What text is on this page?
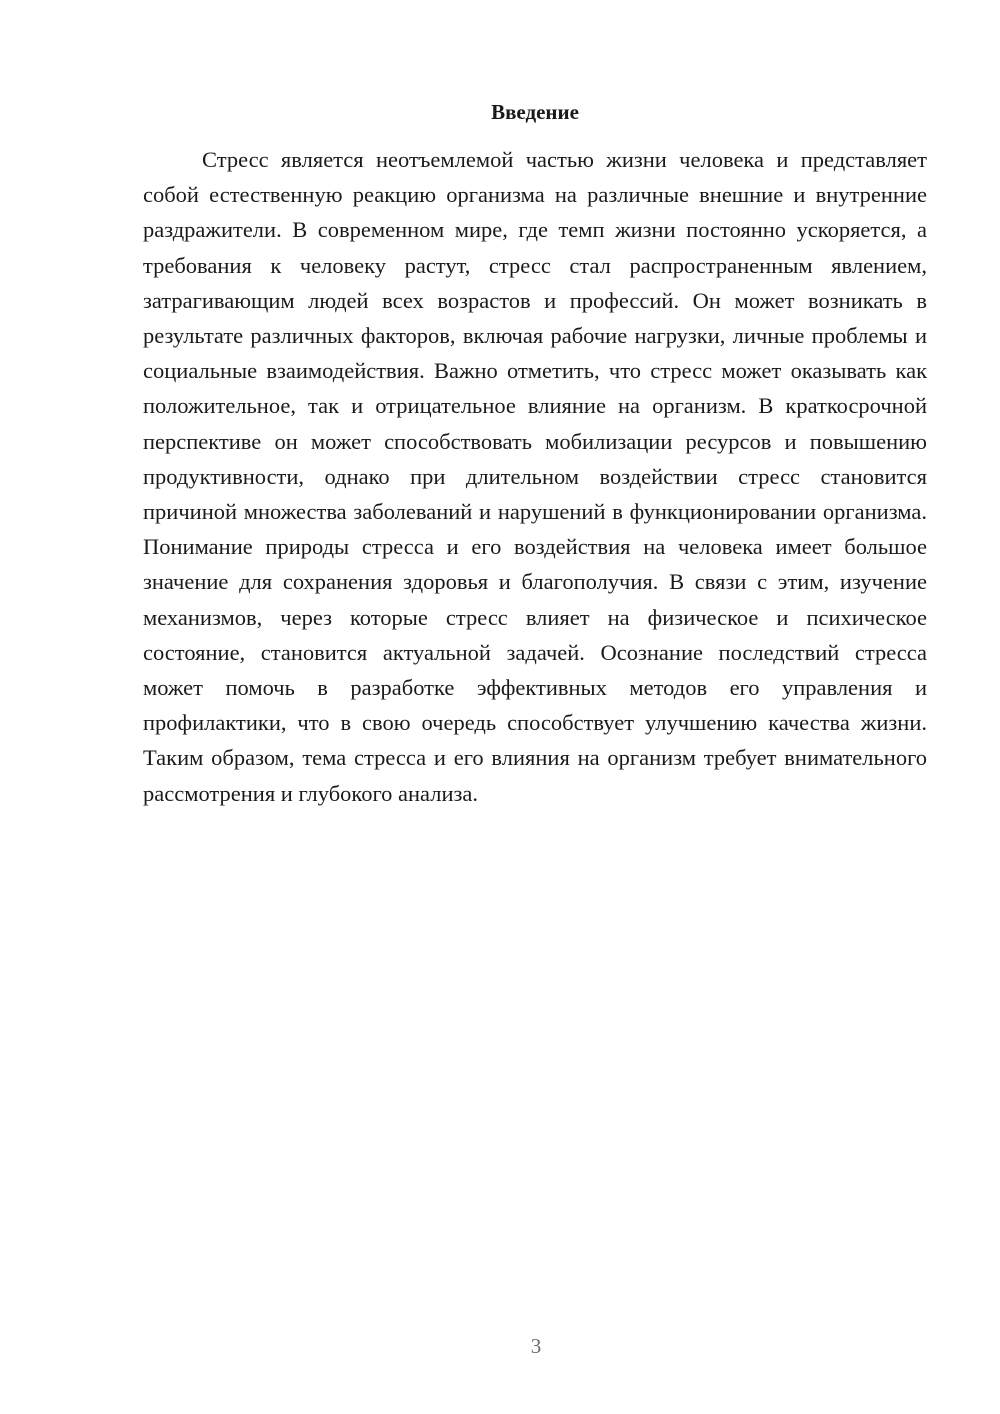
Введение

Стресс является неотъемлемой частью жизни человека и представляет собой естественную реакцию организма на различные внешние и внутренние раздражители. В современном мире, где темп жизни постоянно ускоряется, а требования к человеку растут, стресс стал распространенным явлением, затрагивающим людей всех возрастов и профессий. Он может возникать в результате различных факторов, включая рабочие нагрузки, личные проблемы и социальные взаимодействия. Важно отметить, что стресс может оказывать как положительное, так и отрицательное влияние на организм. В краткосрочной перспективе он может способствовать мобилизации ресурсов и повышению продуктивности, однако при длительном воздействии стресс становится причиной множества заболеваний и нарушений в функционировании организма. Понимание природы стресса и его воздействия на человека имеет большое значение для сохранения здоровья и благополучия. В связи с этим, изучение механизмов, через которые стресс влияет на физическое и психическое состояние, становится актуальной задачей. Осознание последствий стресса может помочь в разработке эффективных методов его управления и профилактики, что в свою очередь способствует улучшению качества жизни. Таким образом, тема стресса и его влияния на организм требует внимательного рассмотрения и глубокого анализа.

3
